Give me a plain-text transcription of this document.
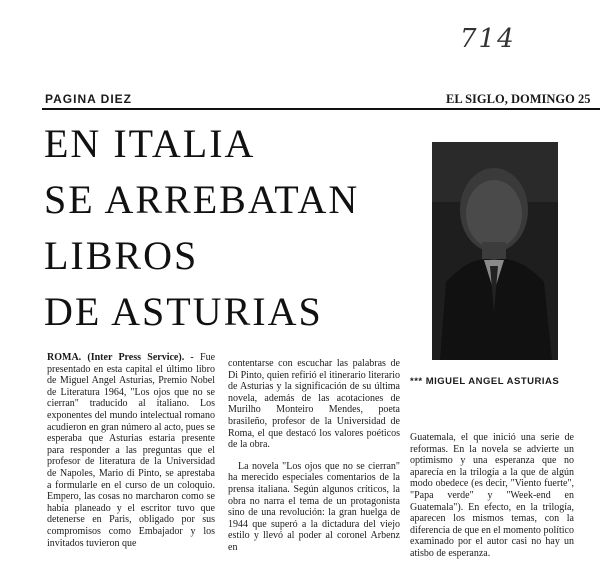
714
PAGINA DIEZ	EL SIGLO, DOMINGO 25
EN ITALIA
SE ARREBATAN
LIBROS
DE ASTURIAS
*** MIGUEL ANGEL ASTURIAS

ROMA. (Inter Press Service). - Fue presentado en esta capital el último libro de Miguel Angel Asturias, Premio Nobel de Literatura 1964, "Los ojos que no se cierran" traducido al italiano. Los exponentes del mundo intelectual romano acudieron en gran número al acto, pues se esperaba que Asturias estaria presente para responder a las preguntas que el profesor de literatura de la Universidad de Napoles, Mario di Pinto, se aprestaba a formularle en el curso de un coloquio. Empero, las cosas no marcharon como se había planeado y el escritor tuvo que detenerse en Paris, obligado por sus compromisos como Embajador y los invitados tuvieron que

contentarse con escuchar las palabras de Di Pinto, quien refirió el itinerario literario de Asturias y la significación de su última novela, además de las acotaciones de Murilho Monteiro Mendes, poeta brasileño, profesor de la Universidad de Roma, el que destacó los valores poéticos de la obra.

La novela "Los ojos que no se cierran" ha merecido especiales comentarios de la prensa italiana. Según algunos críticos, la obra no narra el tema de un protagonista sino de una revolución: la gran huelga de 1944 que superó a la dictadura del viejo estilo y llevó al poder al coronel Arbenz en

Guatemala, el que inició una serie de reformas. En la novela se advierte un optimismo y una esperanza que no aparecía en la trilogía a la que de algún modo obedece (es decir, "Viento fuerte", "Papa verde" y "Week-end en Guatemala"). En efecto, en la trilogía, aparecen los mismos temas, con la diferencia de que en el momento político examinado por el autor casi no hay un atisbo de esperanza.
